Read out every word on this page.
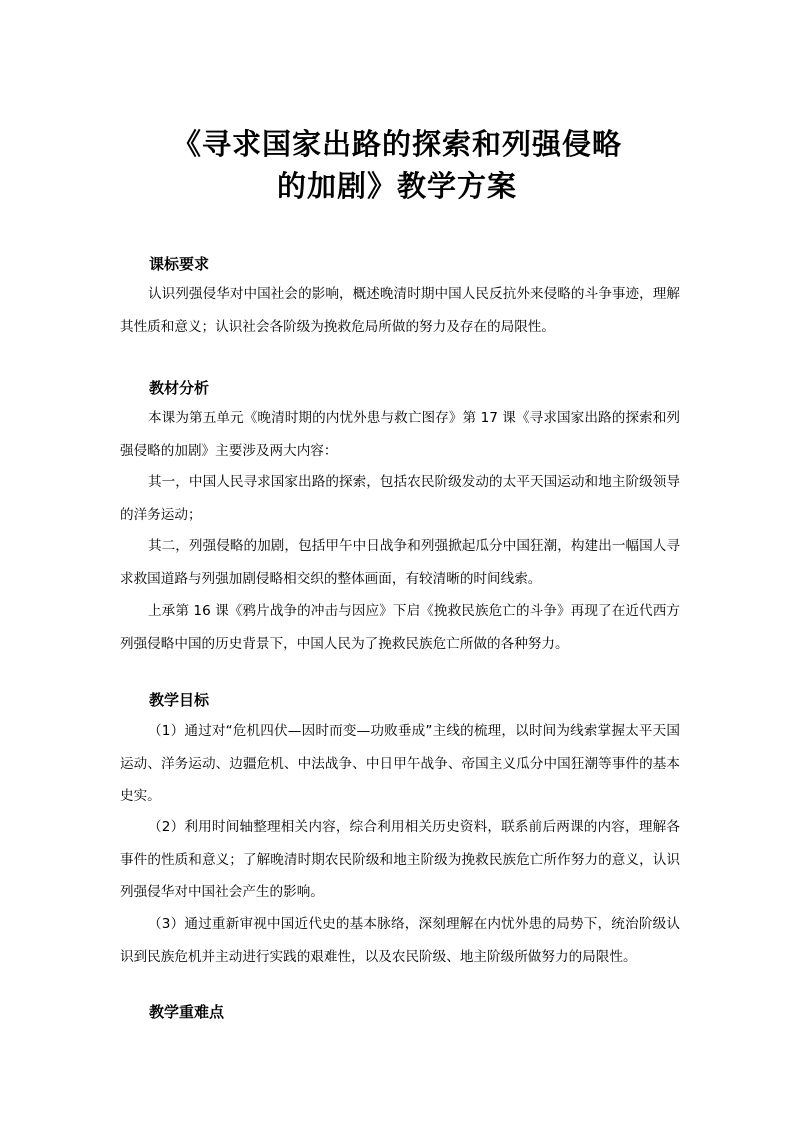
《寻求国家出路的探索和列强侵略
的加剧》教学方案
课标要求

认识列强侵华对中国社会的影响，概述晚清时期中国人民反抗外来侵略的斗争事迹，理解其性质和意义；认识社会各阶级为挽救危局所做的努力及存在的局限性。

教材分析

本课为第五单元《晚清时期的内忧外患与救亡图存》第 17 课《寻求国家出路的探索和列强侵略的加剧》主要涉及两大内容：

其一，中国人民寻求国家出路的探索，包括农民阶级发动的太平天国运动和地主阶级领导的洋务运动；

其二，列强侵略的加剧，包括甲午中日战争和列强掀起瓜分中国狂潮，构建出一幅国人寻求救国道路与列强加剧侵略相交织的整体画面，有较清晰的时间线索。

上承第 16 课《鸦片战争的冲击与因应》下启《挽救民族危亡的斗争》再现了在近代西方列强侵略中国的历史背景下，中国人民为了挽救民族危亡所做的各种努力。

教学目标

（1）通过对“危机四伏—因时而变—功败垂成”主线的梳理，以时间为线索掌握太平天国运动、洋务运动、边疆危机、中法战争、中日甲午战争、帝国主义瓜分中国狂潮等事件的基本史实。

（2）利用时间轴整理相关内容，综合利用相关历史资料，联系前后两课的内容，理解各事件的性质和意义；了解晚清时期农民阶级和地主阶级为挽救民族危亡所作努力的意义，认识列强侵华对中国社会产生的影响。

（3）通过重新审视中国近代史的基本脉络，深刻理解在内忧外患的局势下，统治阶级认识到民族危机并主动进行实践的艰难性，以及农民阶级、地主阶级所做努力的局限性。

教学重难点
